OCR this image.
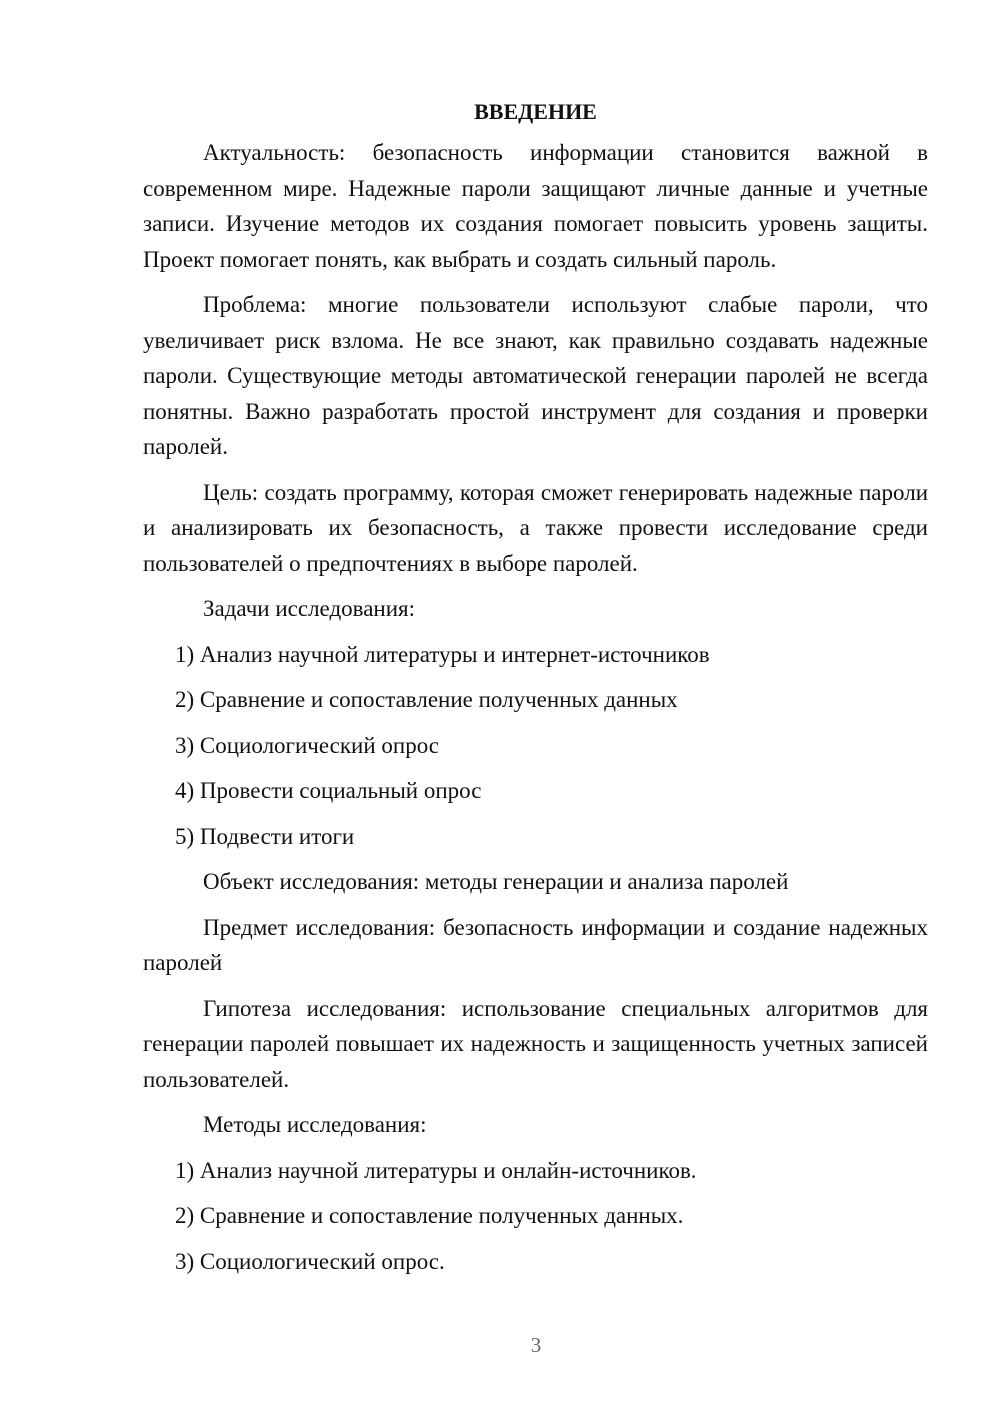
ВВЕДЕНИЕ

Актуальность: безопасность информации становится важной в современном мире. Надежные пароли защищают личные данные и учетные записи. Изучение методов их создания помогает повысить уровень защиты. Проект помогает понять, как выбрать и создать сильный пароль.

Проблема: многие пользователи используют слабые пароли, что увеличивает риск взлома. Не все знают, как правильно создавать надежные пароли. Существующие методы автоматической генерации паролей не всегда понятны. Важно разработать простой инструмент для создания и проверки паролей.

Цель: создать программу, которая сможет генерировать надежные пароли и анализировать их безопасность, а также провести исследование среди пользователей о предпочтениях в выборе паролей.

Задачи исследования:

1) Анализ научной литературы и интернет-источников
2) Сравнение и сопоставление полученных данных
3) Социологический опрос
4) Провести социальный опрос
5) Подвести итоги

Объект исследования: методы генерации и анализа паролей

Предмет исследования: безопасность информации и создание надежных паролей

Гипотеза исследования: использование специальных алгоритмов для генерации паролей повышает их надежность и защищенность учетных записей пользователей.

Методы исследования:

1) Анализ научной литературы и онлайн-источников.
2) Сравнение и сопоставление полученных данных.
3) Социологический опрос.
3
